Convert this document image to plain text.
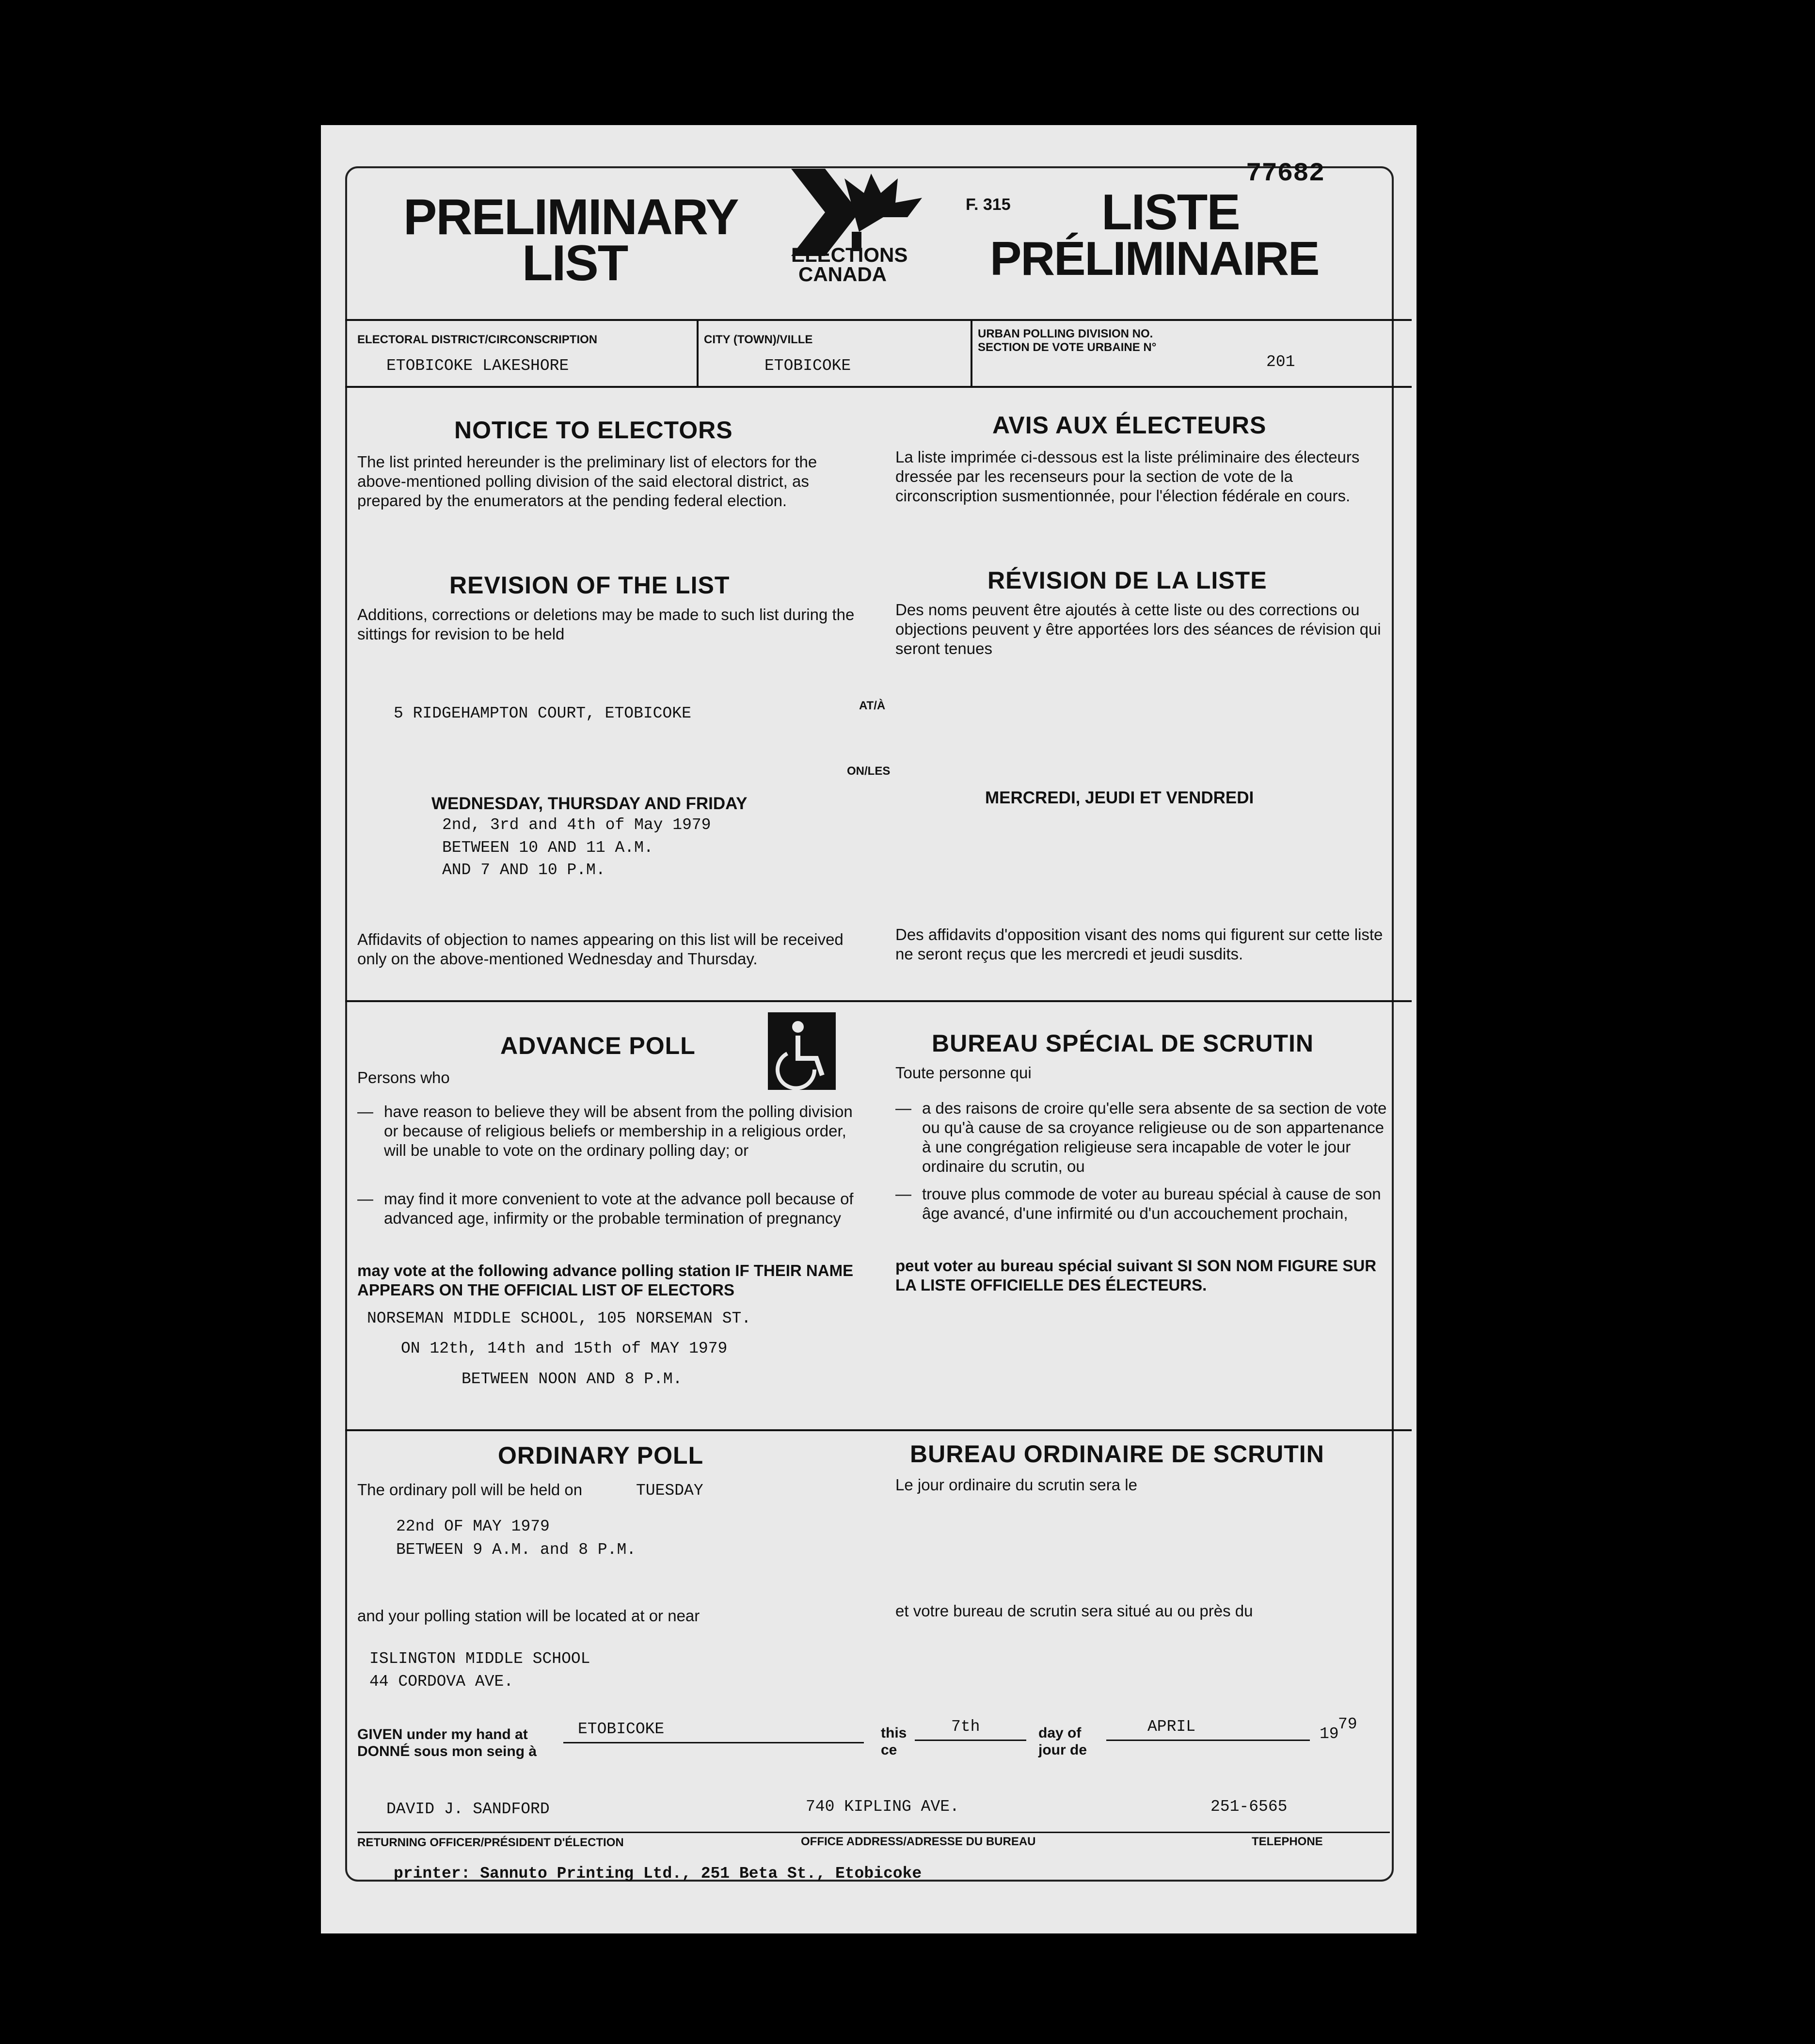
77682
PRELIMINARY
LIST	ELECTIONS
CANADA
F. 315 LISTE
PRÉLIMINAIRE
ELECTORAL DISTRICT/CIRCONSCRIPTION
ETOBICOKE LAKESHORE
CITY (TOWN)/VILLE
ETOBICOKE
URBAN POLLING DIVISION NO.
SECTION DE VOTE URBAINE N°
201
NOTICE TO ELECTORS
The list printed hereunder is the preliminary list of electors for the above-mentioned polling division of the said electoral district, as prepared by the enumerators at the pending federal election.
AVIS AUX ÉLECTEURS
La liste imprimée ci-dessous est la liste préliminaire des électeurs dressée par les recenseurs pour la section de vote de la circonscription susmentionnée, pour l'élection fédérale en cours.
REVISION OF THE LIST
Additions, corrections or deletions may be made to such list during the sittings for revision to be held
RÉVISION DE LA LISTE
Des noms peuvent être ajoutés à cette liste ou des corrections ou objections peuvent y être apportées lors des séances de révision qui seront tenues
5 RIDGEHAMPTON COURT, ETOBICOKE	AT/À
ON/LES
WEDNESDAY, THURSDAY AND FRIDAY	MERCREDI, JEUDI ET VENDREDI
2nd, 3rd and 4th of May 1979
BETWEEN 10 AND 11 A.M.
AND 7 AND 10 P.M.
Affidavits of objection to names appearing on this list will be received only on the above-mentioned Wednesday and Thursday.
Des affidavits d'opposition visant des noms qui figurent sur cette liste ne seront reçus que les mercredi et jeudi susdits.
ADVANCE POLL	BUREAU SPÉCIAL DE SCRUTIN
Persons who	Toute personne qui
— have reason to believe they will be absent from the polling division or because of religious beliefs or membership in a religious order, will be unable to vote on the ordinary polling day; or
— may find it more convenient to vote at the advance poll because of advanced age, infirmity or the probable termination of pregnancy
— a des raisons de croire qu'elle sera absente de sa section de vote ou qu'à cause de sa croyance religieuse ou de son appartenance à une congrégation religieuse sera incapable de voter le jour ordinaire du scrutin, ou
— trouve plus commode de voter au bureau spécial à cause de son âge avancé, d'une infirmité ou d'un accouchement prochain,
may vote at the following advance polling station IF THEIR NAME APPEARS ON THE OFFICIAL LIST OF ELECTORS
peut voter au bureau spécial suivant SI SON NOM FIGURE SUR LA LISTE OFFICIELLE DES ÉLECTEURS.
NORSEMAN MIDDLE SCHOOL, 105 NORSEMAN ST.
ON 12th, 14th and 15th of MAY 1979
BETWEEN NOON AND 8 P.M.
ORDINARY POLL	BUREAU ORDINAIRE DE SCRUTIN
The ordinary poll will be held on	TUESDAY	Le jour ordinaire du scrutin sera le
22nd OF MAY 1979
BETWEEN 9 A.M. and 8 P.M.
and your polling station will be located at or near	et votre bureau de scrutin sera situé au ou près du
ISLINGTON MIDDLE SCHOOL
44 CORDOVA AVE.
GIVEN under my hand at
DONNÉ sous mon seing à
ETOBICOKE	this
ce
7th	day of
jour de
APRIL	19
79
DAVID J. SANDFORD	740 KIPLING AVE.	251-6565
RETURNING OFFICER/PRÉSIDENT D'ÉLECTION	OFFICE ADDRESS/ADRESSE DU BUREAU	TELEPHONE
printer: Sannuto Printing Ltd., 251 Beta St., Etobicoke
